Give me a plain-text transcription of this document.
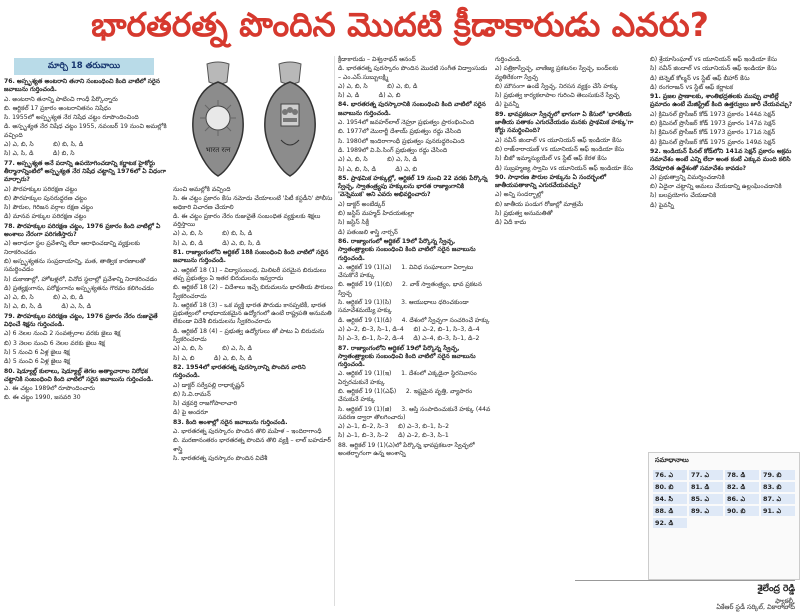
భారతరత్న పొందిన మొదటి క్రీడాకారుడు ఎవరు?

76. అస్పృశ్యత అంటరాని తనాని సంబంధించి కింది వాటిలో సరైన జవాబును గుర్తించండి.

ఎ. అంటరాని తనాన్ని పాటించి గాంధీ పేర్కొన్నారు

బి. ఆర్టికల్ 17 ప్రకారం అంటరానితనం నిషేధం

సి. 1955లో అస్పృశ్యత నేర నిషేధ చట్టం రూపొందించింది

డి. అస్పృశ్యత నేర నిషేధ చట్టం 1955, నవంబర్ 19 నుంచి అమల్లోకి వచ్చింది

ఎ) ఎ, బి, సి          బి) బి, సి, డి

సి) ఎ, సి, డి          డి) బి, సి

77. అస్పృశ్యత అనే పదాన్ని ఉపయోగించడాన్ని కర్ణాటక హైకోర్టు తీర్మానాన్నింటిలో అస్పృశ్యత నేర నిషేధ చట్టాన్ని 1976లో ఏ విధంగా మార్చారు?

ఎ) పౌరహక్కుల పరిరక్షణ చట్టం

బి) పౌరహక్కుల పునరుద్ధరణ చట్టం

సి) పౌరుల, గిరిజన వర్గాల రక్షణ చట్టం

డి) మానవ హక్కుల పరిరక్షణ చట్టం

78. పౌరహక్కుల పరిరక్షణ చట్టం, 1976 ప్రకారం కింది వాటిల్లో ఏ అంశాలు నేరంగా పరిగణిస్తారు?

ఎ) ఆరాధనా స్థల ప్రవేశాన్ని లేదా ఆరాధించడాన్ని వ్యక్తులకు నిరాకరించడం

బి) అస్పృశ్యతను సంప్రదాయాన్ని, మత, తాత్విక కారణాలతో సమర్థించడం

సి) దుకాణాల్లో, హోటళ్లలో, వినోద స్థలాల్లో ప్రవేశాన్ని నిరాకరించడం

డి) ప్రత్యక్షంగాను, పరోక్షంగాను అస్పృశ్యతను గౌరవం కలిగించడం

ఎ) ఎ, బి, సి          బి) ఎ, బి, డి

సి) ఎ, బి, సి, డి          డి) ఎ, సి, డి

79. పౌరహక్కుల పరిరక్షణ చట్టం, 1976 ప్రకారం నేరం రుజువైతే విధించే శిక్షను గుర్తించండి.

ఎ) 6 నెలల నుంచి 2 సంవత్సరాల వరకు జైలు శిక్ష

బి) 3 నెలల నుంచి 6 నెలల వరకు జైలు శిక్ష

సి) 5 నుంచి 6 ఏళ్ల జైలు శిక్ష

డి) 5 నుంచి 6 ఏళ్ల జైలు శిక్ష

80. షెడ్యూల్డ్ కులాలు, షెడ్యూల్డ్ తెగల అత్యాచారాల నిరోధక చట్టానికి సంబంధించి కింది వాటిలో సరైన జవాబును గుర్తించండి.

ఎ. ఈ చట్టం 1989లో రూపొందించారు

బి. ఈ చట్టం 1990, జనవరి 30

भारत रत्न

నుంచి అమల్లోకి వచ్చింది

సి. ఈ చట్టం ప్రకారం కేసు నమోదు చేయాలంటే 'పిటీ కస్టడీని' పోలీసు అధికారి విచారణ చేయాలి

డి. ఈ చట్టం ప్రకారం నేరం రుజువైతే సంబంధిత వ్యక్తులకు శిక్షలు వర్తిస్తాయి

ఎ) ఎ, బి, సి          బి) బి, సి, డి

సి) ఎ, బి, డి          డి) ఎ, బి, సి, డి

81. రాజ్యాంగంలోని ఆర్టికల్ 18కి సంబంధించి కింది వాటిలో సరైన జవాబును గుర్తించండి.

ఎ. ఆర్టికల్ 18 (1) – విద్యాసంబంధ, మిలిటరీ పరమైన బిరుదులు తప్ప ప్రభుత్వం ఏ ఇతర బిరుదులను ఇవ్వరాదు

బి. ఆర్టికల్ 18 (2) – విదేశాలు ఇచ్చే బిరుదులను భారతీయ పౌరులు స్వీకరించరాదు

సి. ఆర్టికల్ 18 (3) – ఒక వ్యక్తి భారత పౌరుడు కానప్పటికీ, భారత ప్రభుత్వంలో లాభదాయకమైన ఉద్యోగంలో ఉంటే రాష్ట్రపతి అనుమతి లేకుండా విదేశీ బిరుదులను స్వీకరించరాదు

డి. ఆర్టికల్ 18 (4) – ప్రభుత్వ ఉద్యోగులు తో పాటు ఏ బిరుదును స్వీకరించరాదు

ఎ) ఎ, బి, సి          బి) ఎ, సి, డి

సి) ఎ, బి          డి) ఎ, బి, సి, డి

82. 1954లో భారతరత్న పురస్కారాన్ని పొందిన వారిని గుర్తించండి.

ఎ) డాక్టర్ సర్వేపల్లి రాధాకృష్ణన్

బి) సి.వి.రామన్

సి) చక్రవర్తి రాజగోపాలాచారి

డి) పై అందరూ

83. కింది అంశాల్లో సరైన జవాబును గుర్తించండి.

ఎ. భారతరత్న పురస్కారం పొందిన తొలి మహిళ – ఇందిరాగాంధీ

బి. మరణానంతరం భారతరత్న పొందిన తొలి వ్యక్తి – లాల్ బహదూర్ శాస్త్రి

సి. భారతరత్న పురస్కారం పొందిన విదేశీ

క్రీడాకారుడు – విశ్వనాథన్ ఆనంద్

డి. భారతరత్న పురస్కారం పొందిన మొదటి సంగీత విద్వాంసుడు – ఎం.ఎస్.సుబ్బులక్ష్మి

ఎ) ఎ, బి, సి          బి) ఎ, బి, డి

సి) ఎ, డి          డి) ఎ, బి

84. భారతరత్న పురస్కారానికి సంబంధించి కింది వాటిలో సరైన జవాబును గుర్తించండి.

ఎ. 1954లో జవహర్‌లాల్ నెహ్రూ ప్రభుత్వం ప్రారంభించింది

బి. 1977లో మొరార్జీ దేశాయ్ ప్రభుత్వం రద్దు చేసింది

సి. 1980లో ఇందిరాగాంధీ ప్రభుత్వం పునరుద్ధరించింది

డి. 1989లో వి.పి.సింగ్ ప్రభుత్వం రద్దు చేసింది

ఎ) ఎ, బి, సి          బి) ఎ, సి, డి

సి) ఎ, బి, సి, డి          డి) ఎ, బి

85. ప్రాథమిక హక్కుల్లో, ఆర్టికల్ 19 నుంచి 22 వరకు పేర్కొన్న స్వేచ్ఛ, స్వాతంత్ర్యపు హక్కులను భారత రాజ్యాంగానికి 'వెన్నెముక' అని ఎవరు అభివర్ణించారు?

ఎ) డాక్టర్ అంబేడ్కర్

బి) జస్టిస్ మహ్మద్ హిదయతుల్లా

సి) జస్టిస్ సిక్రీ

డి) పతంజలి శాస్త్రి నార్సన్

86. రాజ్యాంగంలో ఆర్టికల్ 19లో పేర్కొన్న స్వేచ్ఛ, స్వాతంత్ర్యాలకు సంబంధించి కింది వాటిలో సరైన జవాబును గుర్తించండి.

ఎ. ఆర్టికల్ 19 (1)(ఎ)     1. వివిధ సంఘాలుగా ఏర్పాటు చేసుకొనే హక్కు

బి. ఆర్టికల్ 19 (1)(బి)     2. వాక్ స్వాతంత్ర్యం, భావ ప్రకటన స్వేచ్ఛ

సి. ఆర్టికల్ 19 (1)(సి)     3. ఆయుధాలు ధరించకుండా సమావేశమయ్యే హక్కు

డి. ఆర్టికల్ 19 (1)(డి)     4. దేశంలో స్వేచ్ఛగా సంచరించే హక్కు

ఎ) ఎ–2, బి–3, సి–1, డి–4     బి) ఎ–2, బి–1, సి–3, డి–4

సి) ఎ–3, బి–1, సి–2, డి–4     డి) ఎ–4, బి–3, సి–1, డి–2

87. రాజ్యాంగంలోని ఆర్టికల్ 19లో పేర్కొన్న స్వేచ్ఛ, స్వాతంత్ర్యాలకు సంబంధించి కింది వాటిలో సరైన జవాబును గుర్తించండి.

ఎ. ఆర్టికల్ 19 (1)(ఇ)     1. దేశంలో ఎక్కడైనా స్థిరనివాసం ఏర్పరచుకునే హక్కు

బి. ఆర్టికల్ 19 (1)(ఎఫ్)     2. ఇష్టమైన వృత్తి, వ్యాపారం చేసుకునే హక్కు

సి. ఆర్టికల్ 19 (1)(జి)     3. ఆస్తి సంపాదించుకునే హక్కు (44వ సవరణ ద్వారా తొలగించారు)

ఎ) ఎ–1, బి–2, సి–3     బి) ఎ–3, బి–1, సి–2

సి) ఎ–1, బి–3, సి–2     డి) ఎ–2, బి–3, సి–1

88. ఆర్టికల్ 19 (1)(ఎ)లో పేర్కొన్న భావప్రకటనా స్వేచ్ఛలో అంతర్భాగంగా ఉన్న అంశాన్ని

గుర్తించండి.

ఎ) పత్రికాస్వేచ్ఛ, వాణిజ్య ప్రకటనల స్వేచ్ఛ, బంద్‌లకు వ్యతిరేకంగా స్వేచ్ఛ

బి) మౌనంగా ఉండే స్వేచ్ఛ, నిరసన వ్యక్తం చేసే హక్కు

సి) ప్రభుత్వ కార్యకలాపాల గురించి తెలుసుకునే స్వేచ్ఛ

డి) పైవన్నీ

89. భావప్రకటనా స్వేచ్ఛలో భాగంగా ఏ కేసులో 'భారతీయ జాతీయ పతాకం ఎగురవేయడం మనకు ప్రాథమిక హక్కు'గా కోర్టు సమర్థించింది?

ఎ) నవీన్ జిందాల్ vs యూనియన్ ఆఫ్ ఇండియా కేసు

బి) రాజ్‌నారాయణ్ vs యూనియన్ ఆఫ్ ఇండియా కేసు

సి) బీజో ఇమ్మాన్యుయేల్ vs స్టేట్ ఆఫ్ కేరళ కేసు

డి) సుబ్రహ్మణ్య స్వామి vs యూనియన్ ఆఫ్ ఇండియా కేసు

90. సాధారణ పౌరుల హక్కును ఏ సందర్భంలో జాతీయపతాకాన్ని ఎగురవేయవచ్చు?

ఎ) అన్ని సందర్భాల్లో

బి) జాతీయ పండుగ రోజుల్లో మాత్రమే

సి) ప్రభుత్వ అనుమతితో

డి) ఏదీ కాదు

బి) శ్రేయాసింఘాల్ vs యూనియన్ ఆఫ్ ఇండియా కేసు

సి) నవీన్ జిందాల్ vs యూనియన్ ఆఫ్ ఇండియా కేసు

డి) బెన్నెట్ కోల్మన్ vs స్టేట్ ఆఫ్ బీహార్ కేసు

డి) రంగరాజన్ vs స్టేట్ ఆఫ్ కర్ణాటక

91. ప్రజల ప్రాణాలకు, శాంతిభద్రతలకు ముప్పు వాటిల్లే ప్రమాదం ఉంటే మేజిస్ట్రేట్ కింది ఉత్తర్వులు జారీ చేయవచ్చు?

ఎ) క్రిమినల్ ప్రొసీజర్ కోడ్ 1973 ప్రకారం 144వ సెక్షన్

బి) క్రిమినల్ ప్రొసీజర్ కోడ్ 1973 ప్రకారం 147వ సెక్షన్

సి) క్రిమినల్ ప్రొసీజర్ కోడ్ 1973 ప్రకారం 171వ సెక్షన్

డి) క్రిమినల్ ప్రొసీజర్ కోడ్ 1975 ప్రకారం 149వ సెక్షన్

92. ఇండియన్ పీనల్ కోడ్‌లోని 141వ సెక్షన్ ప్రకారం అక్రమ సమావేశం అంటే ఎన్ని లేదా అంత కంటే ఎక్కువ మంది కలిసి నేరపూరిత ఉద్దేశంతో సమావేశం కావడం?

ఎ) ప్రభుత్వాన్ని విమర్శించడానికి

బి) ఏదైనా చట్టాన్ని అమలు చేయడాన్ని ఉల్లంఘించడానికి

సి) బలప్రయోగం చేయడానికి

డి) పైవన్నీ

మార్చి 18 తరువాయి
సమాధానాలు
76. ఎ	77. ఎ	78. డి	79. బి
80. బి	81. డి	82. డి	83. బి
84. సి	85. ఎ	86. ఎ	87. ఎ
88. డి	89. ఎ	90. బి	91. ఎ
92. డి
శైలేంద్ర రెడ్డి
ఫ్యాకల్టీ,
ఏకేఆర్ స్టడీ సర్కిల్, వికారాబాద్
